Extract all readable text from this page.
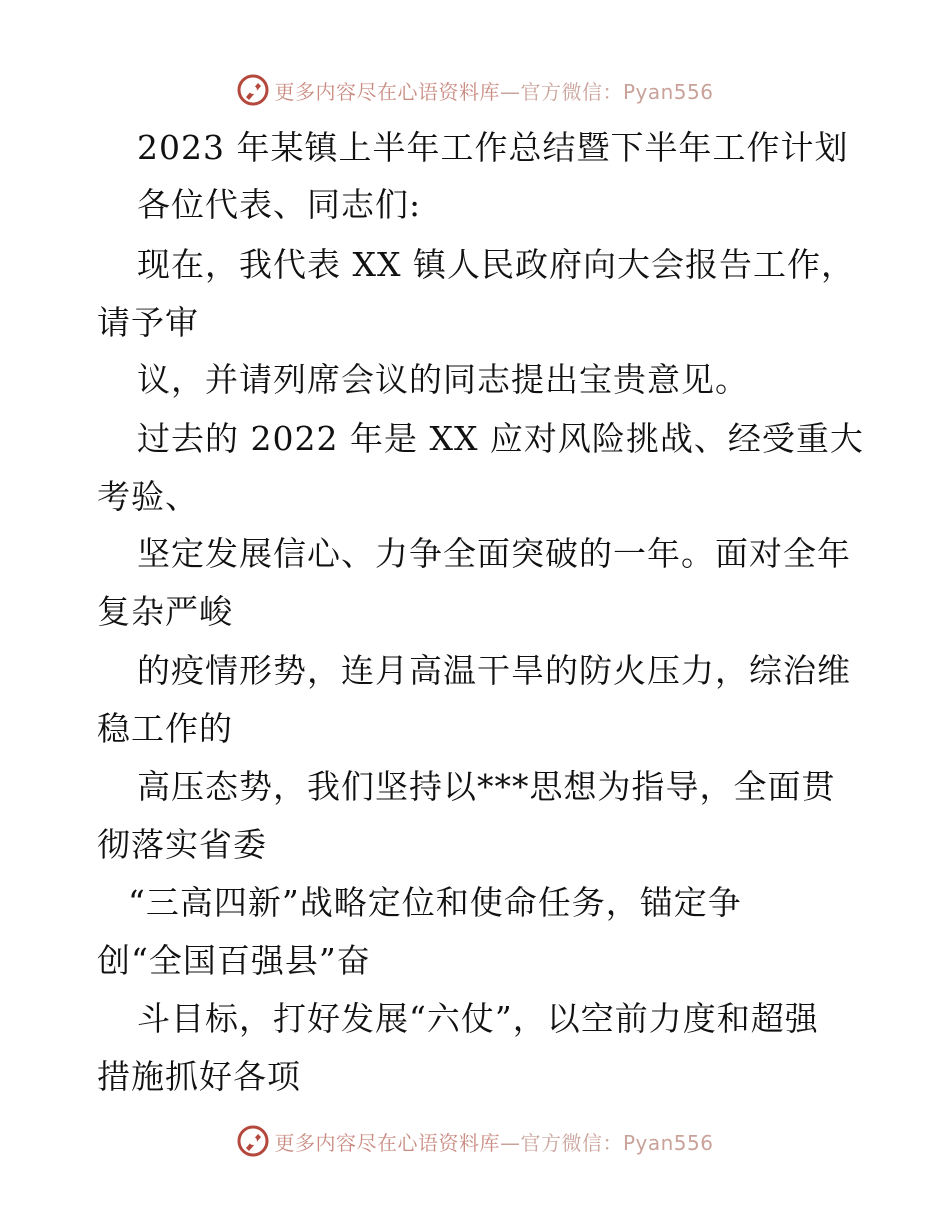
更多内容尽在心语资料库—官方微信：Pyan556

2023 年某镇上半年工作总结暨下半年工作计划

各位代表、同志们:

现在，我代表 XX 镇人民政府向大会报告工作，

请予审

议，并请列席会议的同志提出宝贵意见。

过去的 2022 年是 XX 应对风险挑战、经受重大

考验、

坚定发展信心、力争全面突破的一年。面对全年

复杂严峻

的疫情形势，连月高温干旱的防火压力，综治维

稳工作的

高压态势，我们坚持以***思想为指导，全面贯

彻落实省委

“三高四新”战略定位和使命任务，锚定争

创“全国百强县”奋

斗目标，打好发展“六仗”，以空前力度和超强

措施抓好各项

更多内容尽在心语资料库—官方微信：Pyan556
